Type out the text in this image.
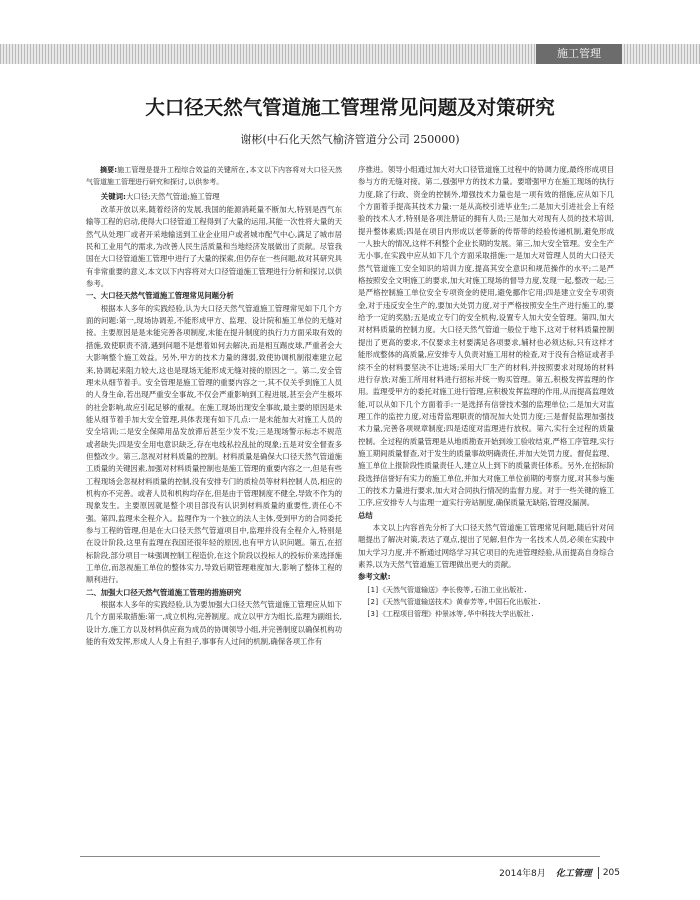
施工管理
大口径天然气管道施工管理常见问题及对策研究
谢彬(中石化天然气榆济管道分公司 250000)

摘要:施工管理是提升工程综合效益的关键所在,本文以下内容将对大口径天然气管道施工管理进行研究和探讨,以供参考。

关键词:大口径;天然气管道;施工管理

改革开放以来,随着经济的发展,我国的能源消耗量不断加大,特别是西气东输等工程的启动,使得大口径管道工程得到了大量的运用,其能一次性将大量的天然气从处理厂或者开采地输送到工业企业用户或者城市配气中心,满足了城市居民和工业用气的需求,为改善人民生活质量和当地经济发展做出了贡献。尽管我国在大口径管道施工管理中进行了大量的探索,但仍存在一些问题,故对其研究具有非常重要的意义,本文以下内容将对大口径管道施工管理进行分析和探讨,以供参考。

一、大口径天然气管道施工管理常见问题分析

根据本人多年的实践经验,认为大口径天然气管道施工管理常见如下几个方面的问题:第一,现场协调差,不能形成甲方、监理、设计院和施工单位的无缝对接。主要原因是是未能完善各项制度,未能在提升制度的执行力方面采取有效的措施,致使职责不清,遇到问题不是想着如何去解决,而是相互踢皮球,严重者会大大影响整个施工效益。另外,甲方的技术力量的薄弱,致使协调机制很难建立起来,协调起来阻力较大,这也是现场无能形成无缝对接的原因之一。第二,安全管理未从细节着手。安全管理是施工管理的重要内容之一,其不仅关乎到施工人员的人身生命,若出现严重安全事故,不仅会严重影响到工程进展,甚至会产生极坏的社会影响,故应引起足够的重视。在施工现场出现安全事故,最主要的原因是未能从细节着手加大安全管理,具体表现有如下几点:一是未能加大对施工人员的安全培训;二是安全保障用品发放滞后甚至少发不发;三是现场警示标志不规范或者缺失;四是安全用电意识缺乏,存在电线私拉乱扯的现象;五是对安全督查多但整改少。第三,忽视对材料质量的控制。材料质量是确保大口径天然气管道施工质量的关键因素,加强对材料质量控制也是施工管理的重要内容之一,但是有些工程现场会忽视材料质量的控制,没有安排专门的质检员等材料控制人员,相应的机构亦不完善。或者人员和机构均存在,但是由于管理制度不健全,导致不作为的现象发生。主要原因就是整个项目部没有认识到材料质量的重要性,责任心不强。第四,监理未全程介入。监理作为一个独立的法人主体,受到甲方的合同委托参与工程的管理,但是在大口径天然气管道项目中,监理并没有全程介入,特别是在设计阶段,这里有监理在我国还很年轻的原因,也有甲方认识问题。第五,在招标阶段,部分项目一味强调控制工程造价,在这个阶段以投标人的投标价来选择施工单位,而忽视施工单位的整体实力,导致后期管理难度加大,影响了整体工程的顺利进行。

二、加强大口径天然气管道施工管理的措施研究

根据本人多年的实践经验,认为要加强大口径天然气管道施工管理应从如下几个方面采取措施:第一,成立机构,完善制度。成立以甲方为组长,监理为副组长,设计方,施工方以及材料供应商为成员的协调领导小组,并完善制度以确保机构功能的有效发挥,形成人人身上有担子,事事有人过问的机制,确保各项工作有

序推进。领导小组通过加大对大口径管道施工过程中的协调力度,最终形成项目参与方的无缝对接。第二,强强甲方的技术力量。要增强甲方在施工现场的执行力度,除了行政、资金的控制外,增强技术力量也是一项有效的措施,应从如下几个方面着手提高其技术力量:一是从高校引进毕业生;二是加大引进社会上有经验的技术人才,特别是各项注册证的拥有人员;三是加大对现有人员的技术培训,提升整体素质;四是在项目内形成以老带新的传帮带的经验传递机制,避免形成一人独大的情况,这样不利整个企业长期的发展。第三,加大安全管理。安全生产无小事,在实践中应从如下几个方面采取措施:一是加大对管理人员的大口径天然气管道施工安全知识的培训力度,提高其安全意识和规范操作的水平;二是严格按照安全文明施工的要求,加大对施工现场的督导力度,发现一起,整改一起;三是严格控制施工单位安全专项资金的使用,避免挪作它用;四是建立安全专项资金,对于违反安全生产的,要加大处罚力度,对于严格按照安全生产进行施工的,要给予一定的奖励;五是成立专门的安全机构,设置专人加大安全管理。第四,加大对材料质量的控制力度。大口径天然气管道一般位于地下,这对于材料质量控制提出了更高的要求,不仅要求主材要满足各项要求,辅材也必须达标,只有这样才能形成整体的高质量,应安排专人负责对施工用材的检查,对于没有合格证或者手续不全的材料要坚决不让进场;采用大厂生产的材料,并按照要求对现场的材料进行存放;对施工所用材料进行招标并统一购买管理。第五,积极发挥监理的作用。监理受甲方的委托对施工进行管理,应积极发挥监理的作用,从而提高监理效能,可以从如下几个方面着手:一是选择有信誉技术强的监理单位;二是加大对监理工作的监控力度,对违背监理职责的情况加大处罚力度;三是督促监理加强技术力量,完善各项规章制度;四是适度对监理进行放权。第六,实行全过程的质量控制。全过程的质量管理是从地质勘查开始到竣工验收结束,严格工序管理,实行施工期间质量督查,对于发生的质量事故明确责任,并加大处罚力度。督促监理、施工单位上报阶段性质量责任人,建立从上到下的质量责任体系。另外,在招标阶段选择信誉好有实力的施工单位,并加大对施工单位前期的考察力度,对其参与施工的技术力量进行要求,加大对合同执行情况的监督力度。对于一些关键的施工工序,应安排专人与监理一道实行旁站制度,确保质量无缺陷,管理没漏洞。

总结

本文以上内容首先分析了大口径天然气管道施工管理常见问题,随后针对问题提出了解决对策,表达了观点,提出了见解,但作为一名技术人员,必须在实践中加大学习力度,并不断通过网络学习其它项目的先进管理经验,从而提高自身综合素养,以为天然气管道施工管理做出更大的贡献。

参考文献:

[1]《天然气管道输送》李长俊等,石油工业出版社.

[2]《天然气管道输送技术》黄春芳等,中国石化出版社.

[3]《工程项目管理》仲景冰等,华中科技大学出版社.

2014年8月 化工管理 205
